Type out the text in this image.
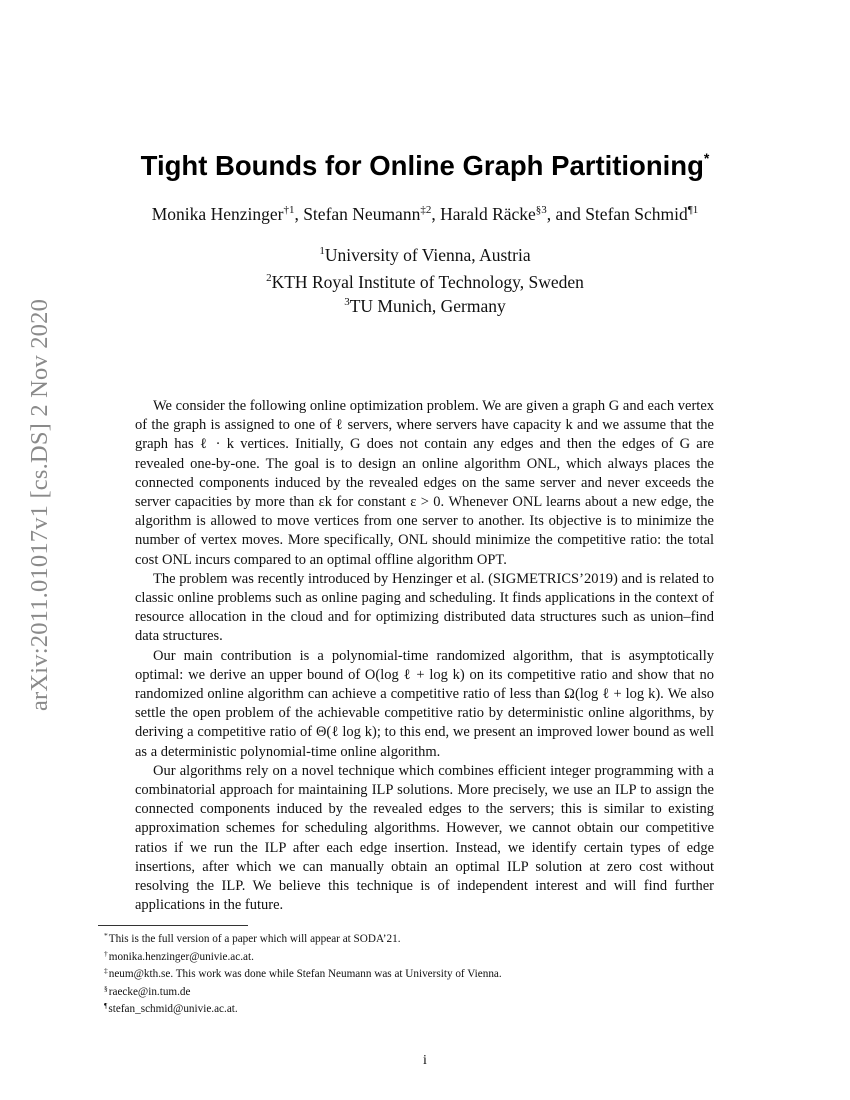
arXiv:2011.01017v1 [cs.DS] 2 Nov 2020
Tight Bounds for Online Graph Partitioning*
Monika Henzinger$^{\dagger 1}$, Stefan Neumann$^{\ddagger 2}$, Harald Räcke$^{\S 3}$, and Stefan Schmid$^{\P 1}$
$^1$University of Vienna, Austria
$^2$KTH Royal Institute of Technology, Sweden
$^3$TU Munich, Germany

We consider the following online optimization problem. We are given a graph G and each vertex of the graph is assigned to one of ℓ servers, where servers have capacity k and we assume that the graph has ℓ · k vertices. Initially, G does not contain any edges and then the edges of G are revealed one-by-one. The goal is to design an online algorithm ONL, which always places the connected components induced by the revealed edges on the same server and never exceeds the server capacities by more than εk for constant ε > 0. Whenever ONL learns about a new edge, the algorithm is allowed to move vertices from one server to another. Its objective is to minimize the number of vertex moves. More specifically, ONL should minimize the competitive ratio: the total cost ONL incurs compared to an optimal offline algorithm OPT.

The problem was recently introduced by Henzinger et al. (SIGMETRICS’2019) and is related to classic online problems such as online paging and scheduling. It finds applications in the context of resource allocation in the cloud and for optimizing distributed data structures such as union–find data structures.

Our main contribution is a polynomial-time randomized algorithm, that is asymptotically optimal: we derive an upper bound of O(log ℓ + log k) on its competitive ratio and show that no randomized online algorithm can achieve a competitive ratio of less than Ω(log ℓ + log k). We also settle the open problem of the achievable competitive ratio by deterministic online algorithms, by deriving a competitive ratio of Θ(ℓ log k); to this end, we present an improved lower bound as well as a deterministic polynomial-time online algorithm.

Our algorithms rely on a novel technique which combines efficient integer programming with a combinatorial approach for maintaining ILP solutions. More precisely, we use an ILP to assign the connected components induced by the revealed edges to the servers; this is similar to existing approximation schemes for scheduling algorithms. However, we cannot obtain our competitive ratios if we run the ILP after each edge insertion. Instead, we identify certain types of edge insertions, after which we can manually obtain an optimal ILP solution at zero cost without resolving the ILP. We believe this technique is of independent interest and will find further applications in the future.

*This is the full version of a paper which will appear at SODA’21.
†monika.henzinger@univie.ac.at.
‡neum@kth.se. This work was done while Stefan Neumann was at University of Vienna.
§raecke@in.tum.de
¶stefan_schmid@univie.ac.at.
i
